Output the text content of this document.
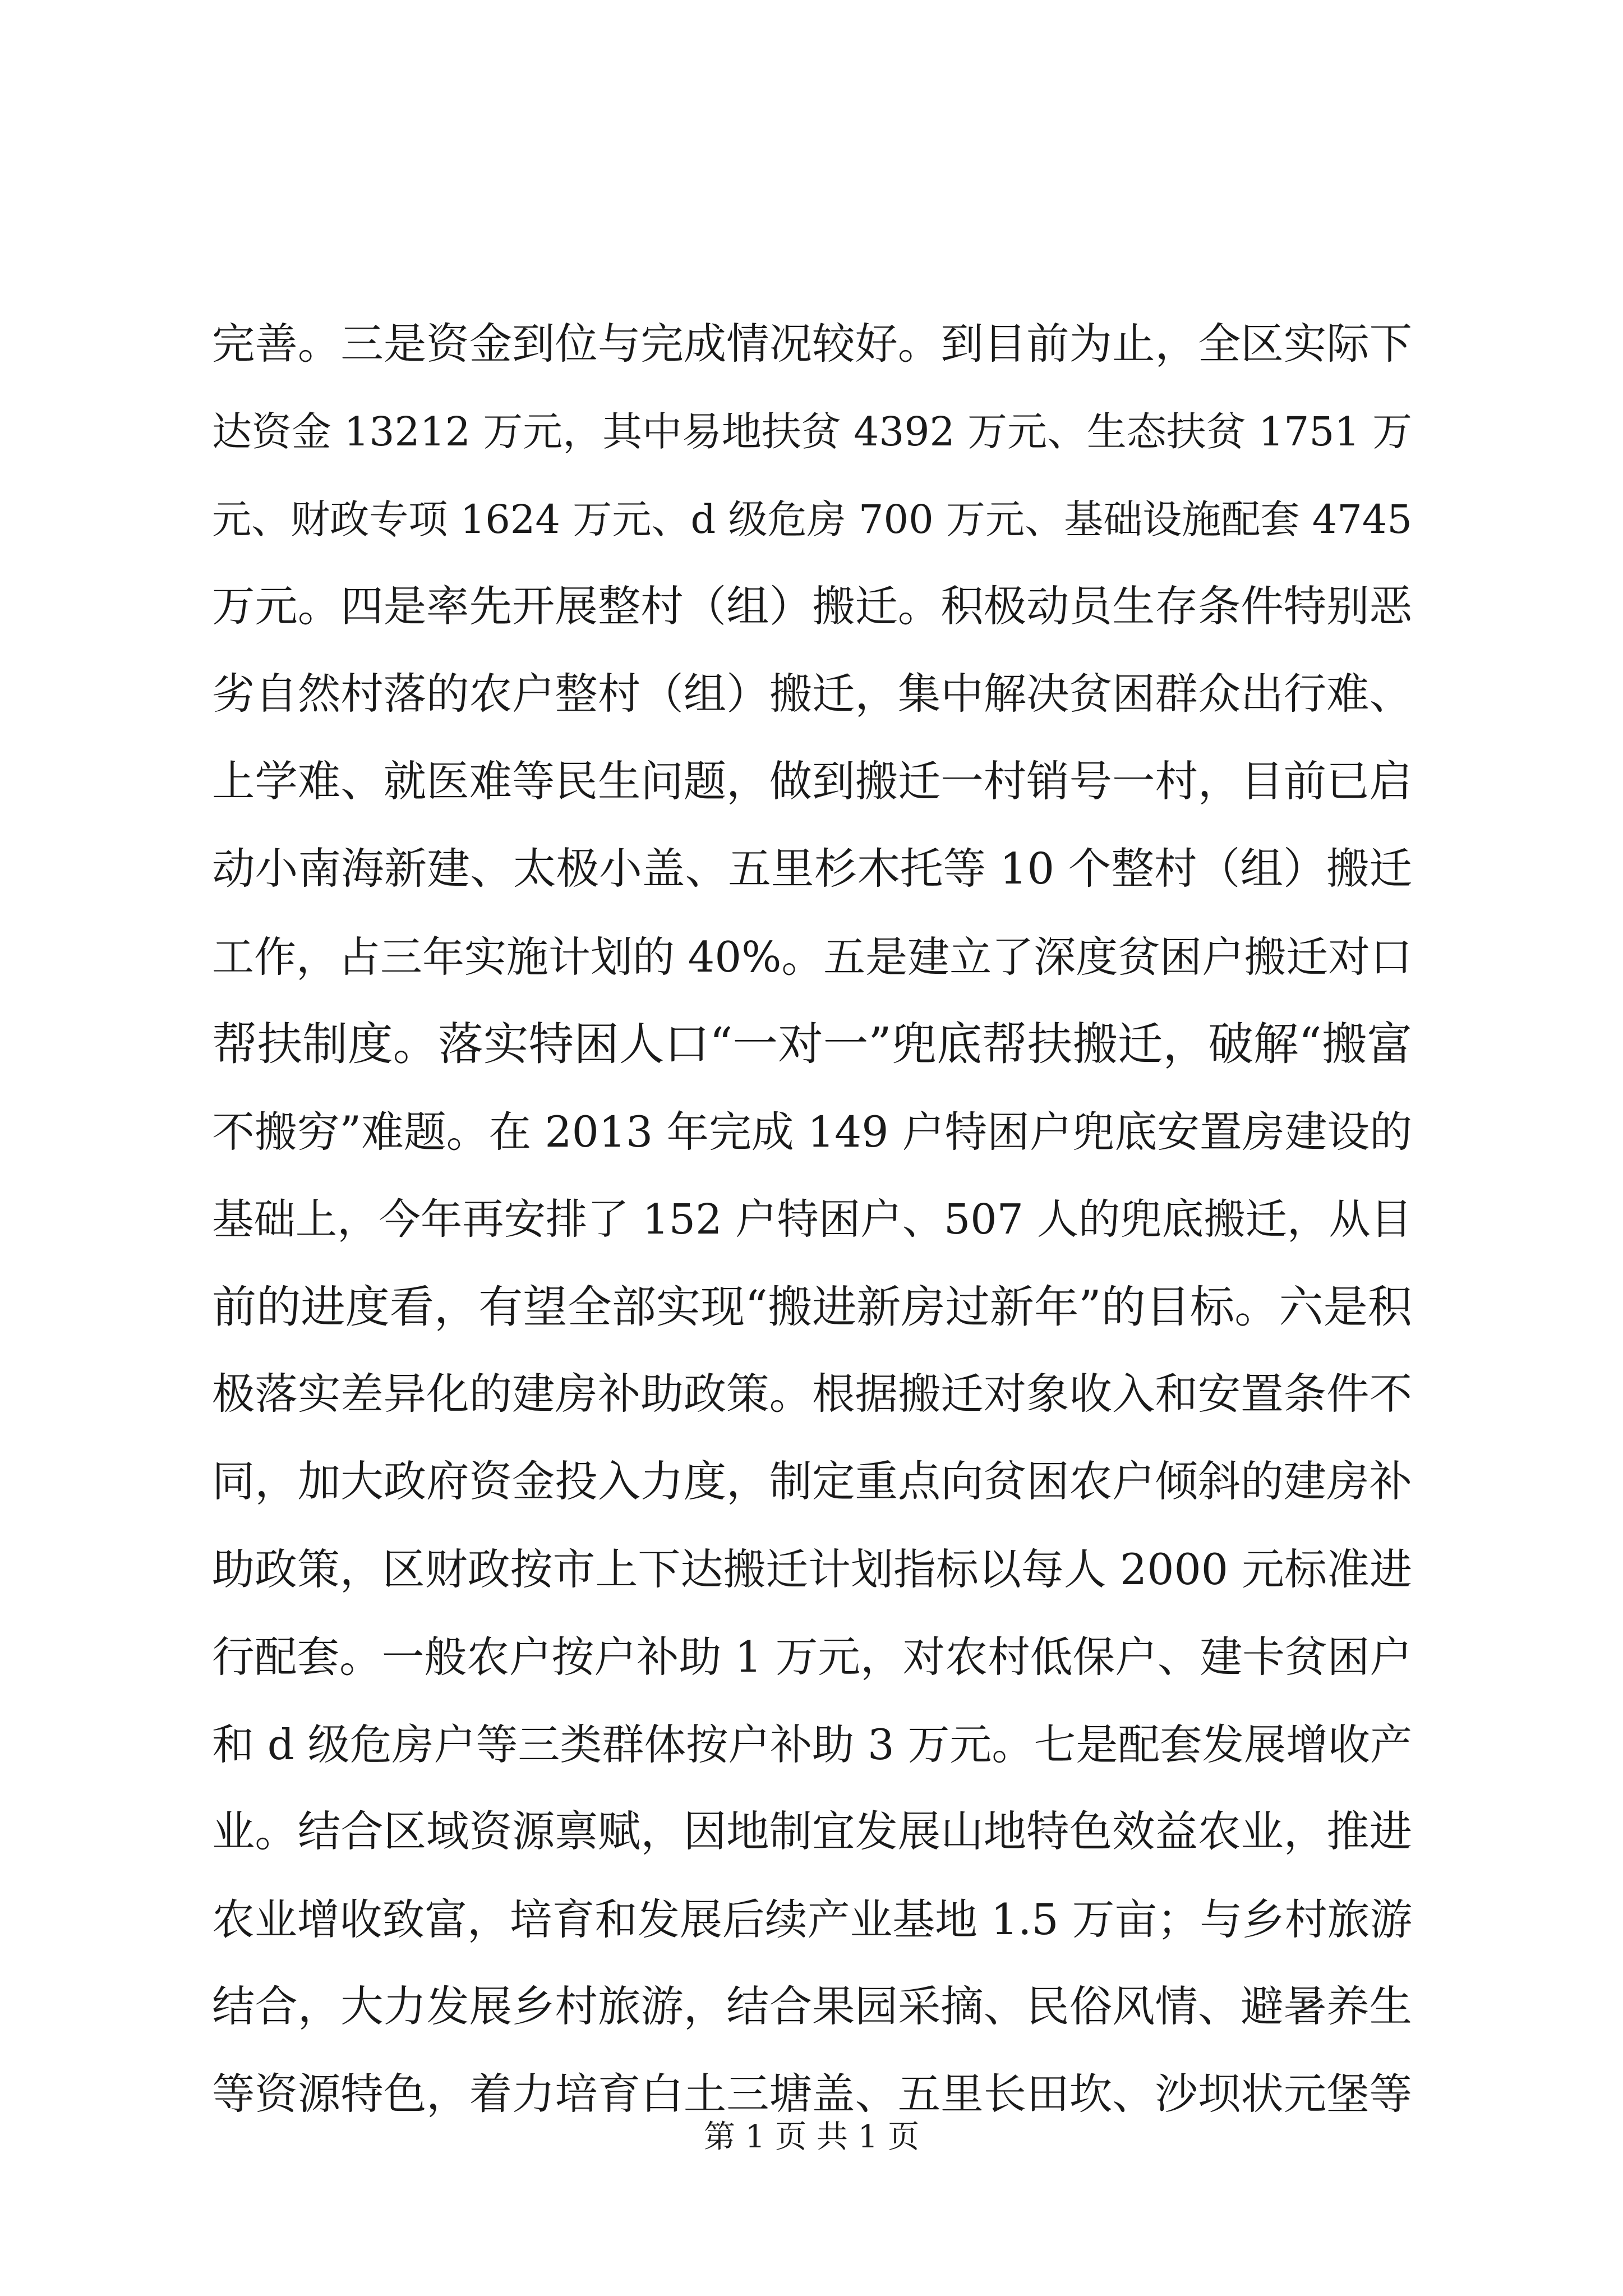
完善。三是资金到位与完成情况较好。到目前为止，全区实际下
达资金 13212 万元，其中易地扶贫 4392 万元、生态扶贫 1751 万
元、财政专项 1624 万元、d 级危房 700 万元、基础设施配套 4745
万元。四是率先开展整村（组）搬迁。积极动员生存条件特别恶
劣自然村落的农户整村（组）搬迁，集中解决贫困群众出行难、
上学难、就医难等民生问题，做到搬迁一村销号一村，目前已启
动小南海新建、太极小盖、五里杉木托等 10 个整村（组）搬迁
工作，占三年实施计划的 40%。五是建立了深度贫困户搬迁对口
帮扶制度。落实特困人口“一对一”兜底帮扶搬迁，破解“搬富
不搬穷”难题。在 2013 年完成 149 户特困户兜底安置房建设的
基础上，今年再安排了 152 户特困户、507 人的兜底搬迁，从目
前的进度看，有望全部实现“搬进新房过新年”的目标。六是积
极落实差异化的建房补助政策。根据搬迁对象收入和安置条件不
同，加大政府资金投入力度，制定重点向贫困农户倾斜的建房补
助政策，区财政按市上下达搬迁计划指标以每人 2000 元标准进
行配套。一般农户按户补助 1 万元，对农村低保户、建卡贫困户
和 d 级危房户等三类群体按户补助 3 万元。七是配套发展增收产
业。结合区域资源禀赋，因地制宜发展山地特色效益农业，推进
农业增收致富，培育和发展后续产业基地 1.5 万亩；与乡村旅游
结合，大力发展乡村旅游，结合果园采摘、民俗风情、避暑养生
等资源特色，着力培育白土三塘盖、五里长田坎、沙坝状元堡等
第 1 页 共 1 页
